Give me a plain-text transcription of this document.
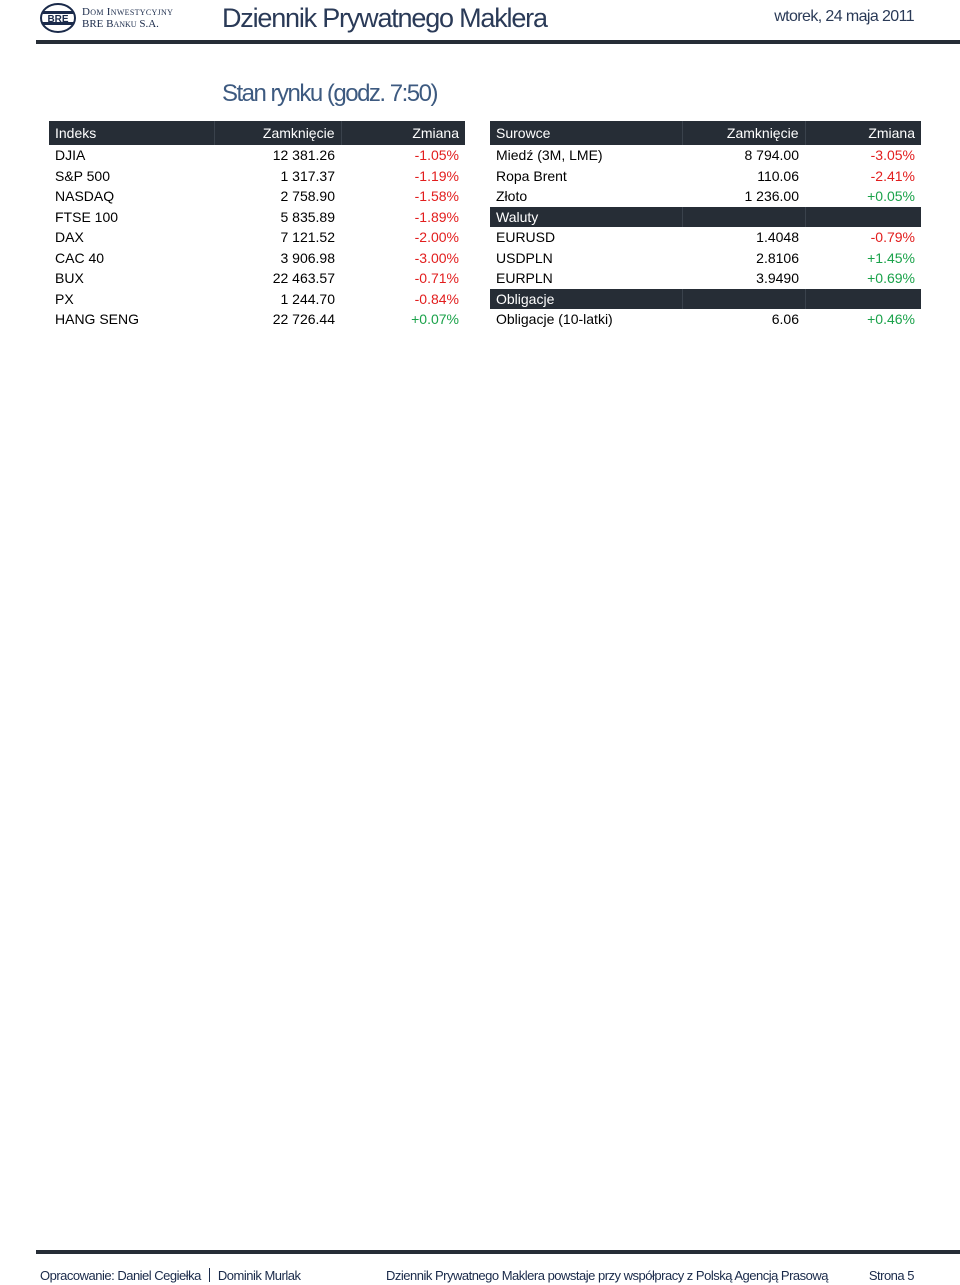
BRE
Dom Inwestycyjny
BRE Banku S.A.	Dziennik Prywatnego Maklera	wtorek, 24 maja 2011
Stan rynku (godz. 7:50)
Indeks	Zamknięcie	Zmiana
DJIA	12 381.26	-1.05%
S&P 500	1 317.37	-1.19%
NASDAQ	2 758.90	-1.58%
FTSE 100	5 835.89	-1.89%
DAX	7 121.52	-2.00%
CAC 40	3 906.98	-3.00%
BUX	22 463.57	-0.71%
PX	1 244.70	-0.84%
HANG SENG	22 726.44	+0.07%
Surowce	Zamknięcie	Zmiana
Miedź (3M, LME)	8 794.00	-3.05%
Ropa Brent	110.06	-2.41%
Złoto	1 236.00	+0.05%
Waluty		
EURUSD	1.4048	-0.79%
USDPLN	2.8106	+1.45%
EURPLN	3.9490	+0.69%
Obligacje		
Obligacje (10-latki)	6.06	+0.46%
Opracowanie: Daniel Cegiełka Dominik Murlak	Dziennik Prywatnego Maklera powstaje przy współpracy z Polską Agencją Prasową	Strona 5
